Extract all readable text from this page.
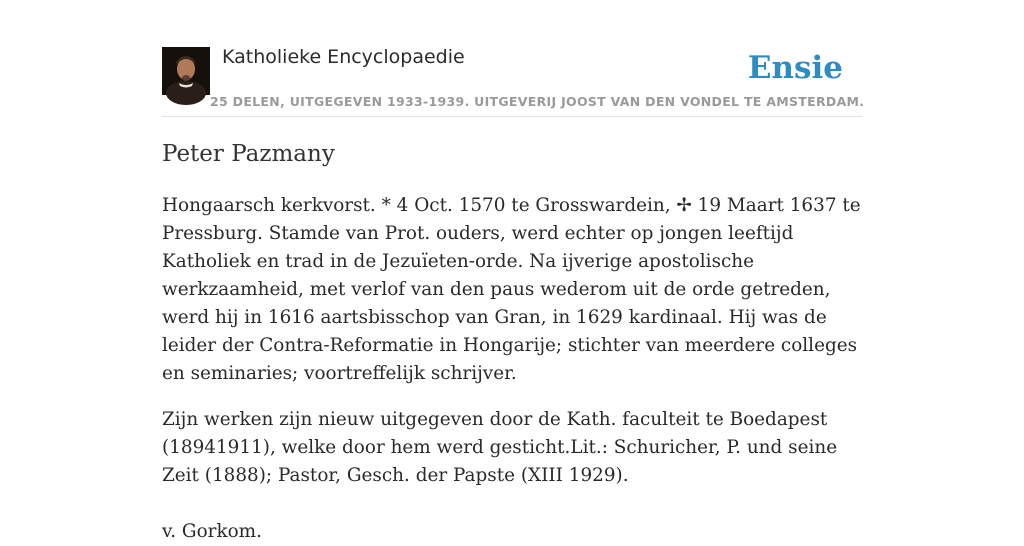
Katholieke Encyclopaedie
25 DELEN, UITGEGEVEN 1933-1939. UITGEVERIJ JOOST VAN DEN VONDEL TE AMSTERDAM.
Ensie
Peter Pazmany

Hongaarsch kerkvorst. * 4 Oct. 1570 te Grosswardein, ✢ 19 Maart 1637 te Pressburg. Stamde van Prot. ouders, werd echter op jongen leeftijd Katholiek en trad in de Jezuïeten-orde. Na ijverige apostolische werkzaamheid, met verlof van den paus wederom uit de orde getreden, werd hij in 1616 aartsbisschop van Gran, in 1629 kardinaal. Hij was de leider der Contra-Reformatie in Hongarije; stichter van meerdere colleges en seminaries; voortreffelijk schrijver.

Zijn werken zijn nieuw uitgegeven door de Kath. faculteit te Boedapest (18941911), welke door hem werd gesticht.Lit.: Schuricher, P. und seine Zeit (1888); Pastor, Gesch. der Papste (XIII 1929).

v. Gorkom.
